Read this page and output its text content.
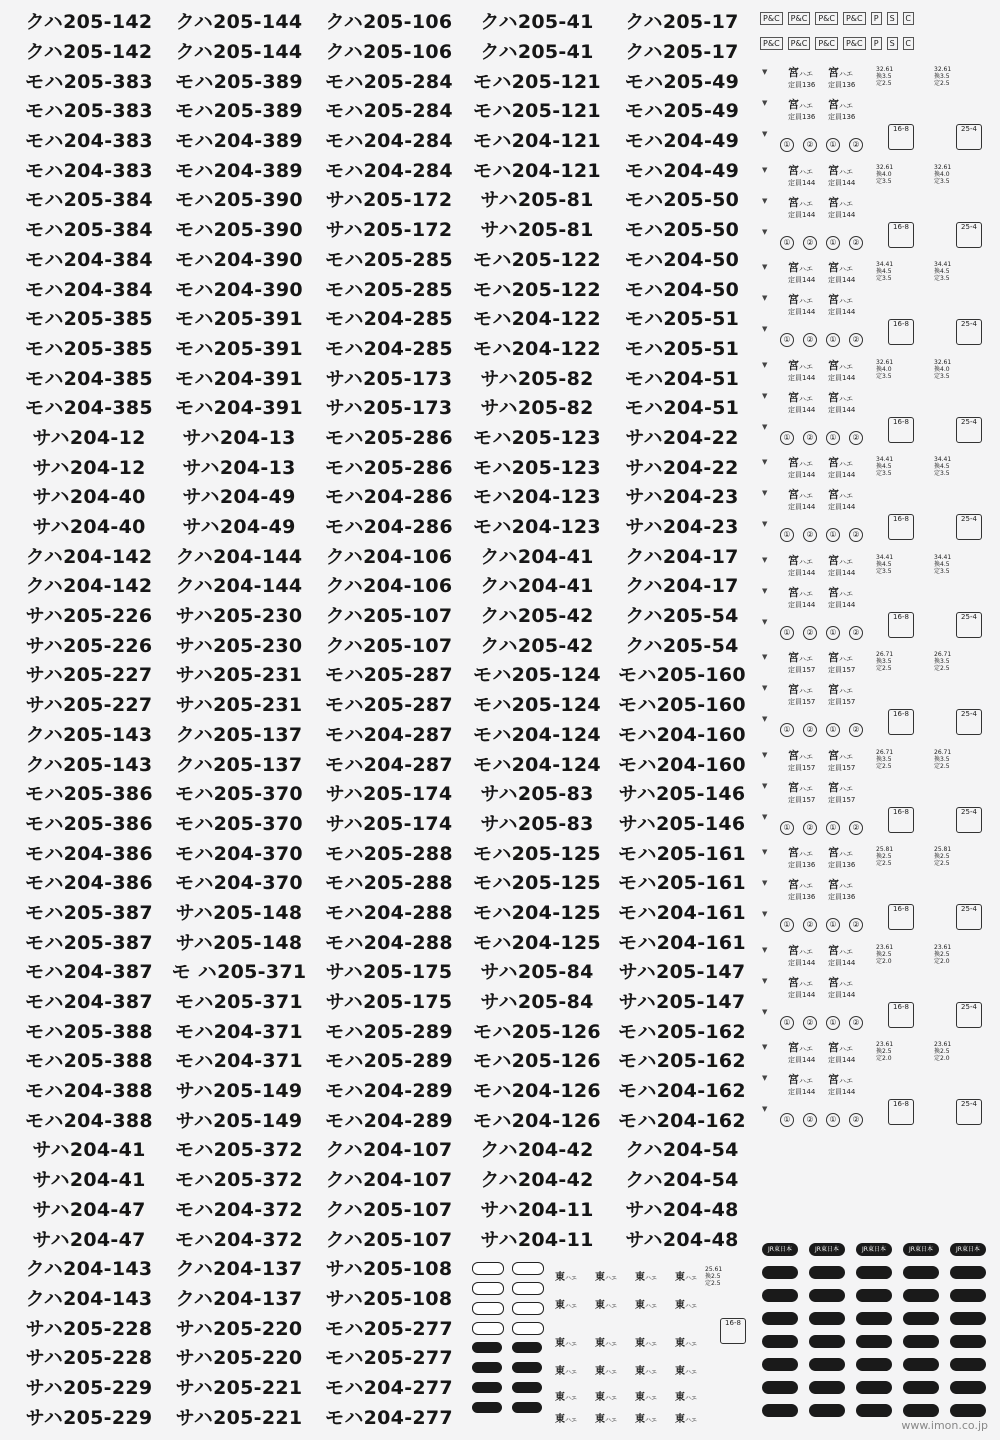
クハ205-142	クハ205-144	クハ205-106	クハ205-41	クハ205-17
クハ205-142	クハ205-144	クハ205-106	クハ205-41	クハ205-17
モハ205-383	モハ205-389	モハ205-284	モハ205-121	モハ205-49
モハ205-383	モハ205-389	モハ205-284	モハ205-121	モハ205-49
モハ204-383	モハ204-389	モハ204-284	モハ204-121	モハ204-49
モハ204-383	モハ204-389	モハ204-284	モハ204-121	モハ204-49
モハ205-384	モハ205-390	サハ205-172	サハ205-81	モハ205-50
モハ205-384	モハ205-390	サハ205-172	サハ205-81	モハ205-50
モハ204-384	モハ204-390	モハ205-285	モハ205-122	モハ204-50
モハ204-384	モハ204-390	モハ205-285	モハ205-122	モハ204-50
モハ205-385	モハ205-391	モハ204-285	モハ204-122	モハ205-51
モハ205-385	モハ205-391	モハ204-285	モハ204-122	モハ205-51
モハ204-385	モハ204-391	サハ205-173	サハ205-82	モハ204-51
モハ204-385	モハ204-391	サハ205-173	サハ205-82	モハ204-51
サハ204-12	サハ204-13	モハ205-286	モハ205-123	サハ204-22
サハ204-12	サハ204-13	モハ205-286	モハ205-123	サハ204-22
サハ204-40	サハ204-49	モハ204-286	モハ204-123	サハ204-23
サハ204-40	サハ204-49	モハ204-286	モハ204-123	サハ204-23
クハ204-142	クハ204-144	クハ204-106	クハ204-41	クハ204-17
クハ204-142	クハ204-144	クハ204-106	クハ204-41	クハ204-17
サハ205-226	サハ205-230	クハ205-107	クハ205-42	クハ205-54
サハ205-226	サハ205-230	クハ205-107	クハ205-42	クハ205-54
サハ205-227	サハ205-231	モハ205-287	モハ205-124 モハ205-160
サハ205-227	サハ205-231	モハ205-287	モハ205-124 モハ205-160
クハ205-143	クハ205-137	モハ204-287	モハ204-124 モハ204-160
クハ205-143	クハ205-137	モハ204-287	モハ204-124 モハ204-160
モハ205-386	モハ205-370	サハ205-174	サハ205-83	サハ205-146
モハ205-386	モハ205-370	サハ205-174	サハ205-83	サハ205-146
モハ204-386	モハ204-370	モハ205-288	モハ205-125 モハ205-161
モハ204-386	モハ204-370	モハ205-288	モハ205-125 モハ205-161
モハ205-387	サハ205-148	モハ204-288	モハ204-125 モハ204-161
モハ205-387	サハ205-148	モハ204-288	モハ204-125 モハ204-161
モハ204-387 モ ハ205-371	サハ205-175	サハ205-84	サハ205-147
モハ204-387	モハ205-371	サハ205-175	サハ205-84	サハ205-147
モハ205-388	モハ204-371	モハ205-289	モハ205-126 モハ205-162
モハ205-388	モハ204-371	モハ205-289	モハ205-126 モハ205-162
モハ204-388	サハ205-149	モハ204-289	モハ204-126 モハ204-162
モハ204-388	サハ205-149	モハ204-289	モハ204-126 モハ204-162
サハ204-41	モハ205-372	クハ204-107	クハ204-42	クハ204-54
サハ204-41	モハ205-372	クハ204-107	クハ204-42	クハ204-54
サハ204-47	モハ204-372	クハ205-107	サハ204-11	サハ204-48
サハ204-47	モハ204-372	クハ205-107	サハ204-11	サハ204-48
クハ204-143	クハ204-137	サハ205-108
クハ204-143	クハ204-137	サハ205-108
サハ205-228	サハ205-220	モハ205-277
サハ205-228	サハ205-220	モハ205-277
サハ205-229	サハ205-221	モハ204-277
サハ205-229	サハ205-221	モハ204-277
P&C	P&C	P&C	P&C	P	S	C
P&C	P&C	P&C	P&C	P	S	C
▼
▼
▼
宮ハエ
定員136
宮ハエ
定員136
宮ハエ
定員136
宮ハエ
定員136
32.61
換3.5
定2.5
32.61
換3.5
定2.5
①	②	①	②
16-8	25-4
▼
▼
▼
宮ハエ
定員144
宮ハエ
定員144
宮ハエ
定員144
宮ハエ
定員144
32.61
換4.0
定3.5
32.61
換4.0
定3.5
①	②	①	②
16-8	25-4
▼
▼
▼
宮ハエ
定員144
宮ハエ
定員144
宮ハエ
定員144
宮ハエ
定員144
34.41
換4.5
定3.5
34.41
換4.5
定3.5
①	②	①	②
16-8	25-4
▼
▼
▼
宮ハエ
定員144
宮ハエ
定員144
宮ハエ
定員144
宮ハエ
定員144
32.61
換4.0
定3.5
32.61
換4.0
定3.5
①	②	①	②
16-8	25-4
▼
▼
▼
宮ハエ
定員144
宮ハエ
定員144
宮ハエ
定員144
宮ハエ
定員144
34.41
換4.5
定3.5
34.41
換4.5
定3.5
①	②	①	②
16-8	25-4
▼
▼
▼
宮ハエ
定員144
宮ハエ
定員144
宮ハエ
定員144
宮ハエ
定員144
34.41
換4.5
定3.5
34.41
換4.5
定3.5
①	②	①	②
16-8	25-4
▼
▼
▼
宮ハエ
定員157
宮ハエ
定員157
宮ハエ
定員157
宮ハエ
定員157
26.71
換3.5
定2.5
26.71
換3.5
定2.5
①	②	①	②
16-8	25-4
▼
▼
▼
宮ハエ
定員157
宮ハエ
定員157
宮ハエ
定員157
宮ハエ
定員157
26.71
換3.5
定2.5
26.71
換3.5
定2.5
①	②	①	②
16-8	25-4
▼
▼
▼
宮ハエ
定員136
宮ハエ
定員136
宮ハエ
定員136
宮ハエ
定員136
25.81
換2.5
定2.5
25.81
換2.5
定2.5
①	②	①	②
16-8	25-4
▼
▼
▼
宮ハエ
定員144
宮ハエ
定員144
宮ハエ
定員144
宮ハエ
定員144
23.61
換2.5
定2.0
23.61
換2.5
定2.0
①	②	①	②
16-8	25-4
▼
▼
▼
宮ハエ
定員144
宮ハエ
定員144
宮ハエ
定員144
宮ハエ
定員144
23.61
換2.5
定2.0
23.61
換2.5
定2.0
①	②	①	②
16-8	25-4
東ハエ 東ハエ 東ハエ 東ハエ
東ハエ 東ハエ 東ハエ 東ハエ
東ハエ 東ハエ 東ハエ 東ハエ
東ハエ 東ハエ 東ハエ 東ハエ
東ハエ 東ハエ 東ハエ 東ハエ
東ハエ 東ハエ 東ハエ 東ハエ
25.61
換2.5
定2.5
16-8
JR東日本	JR東日本	JR東日本	JR東日本	JR東日本
www.imon.co.jp
